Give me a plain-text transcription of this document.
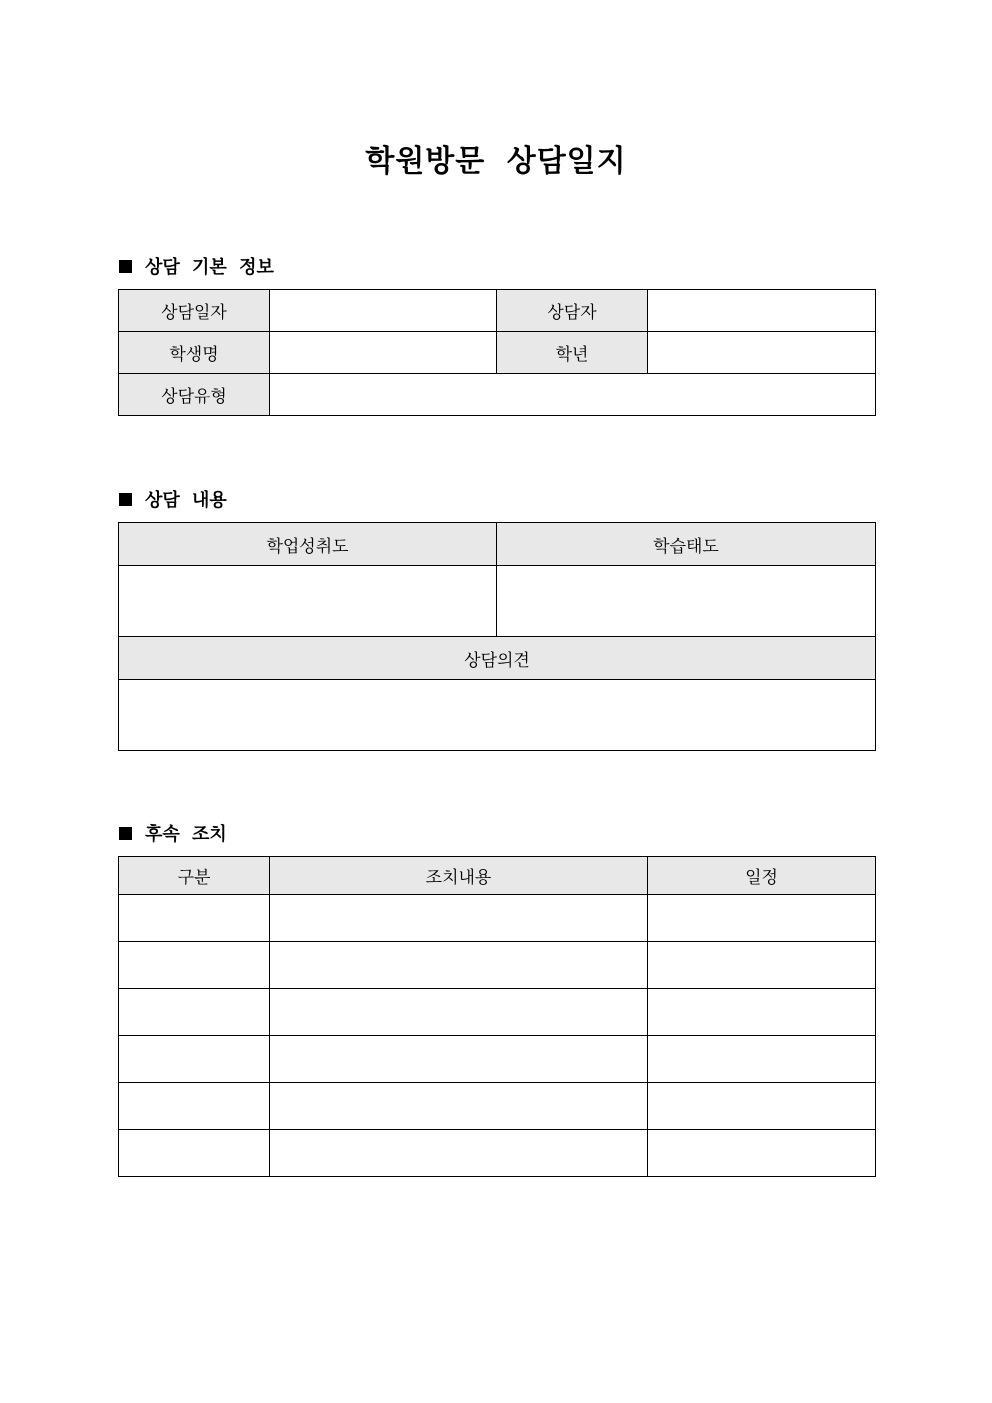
학원방문 상담일지
상담 기본 정보
상담일자		상담자	
학생명		학년	
상담유형			
상담 내용
학업성취도	학습태도

상담의견	

후속 조치
구분	조치내용	일정
